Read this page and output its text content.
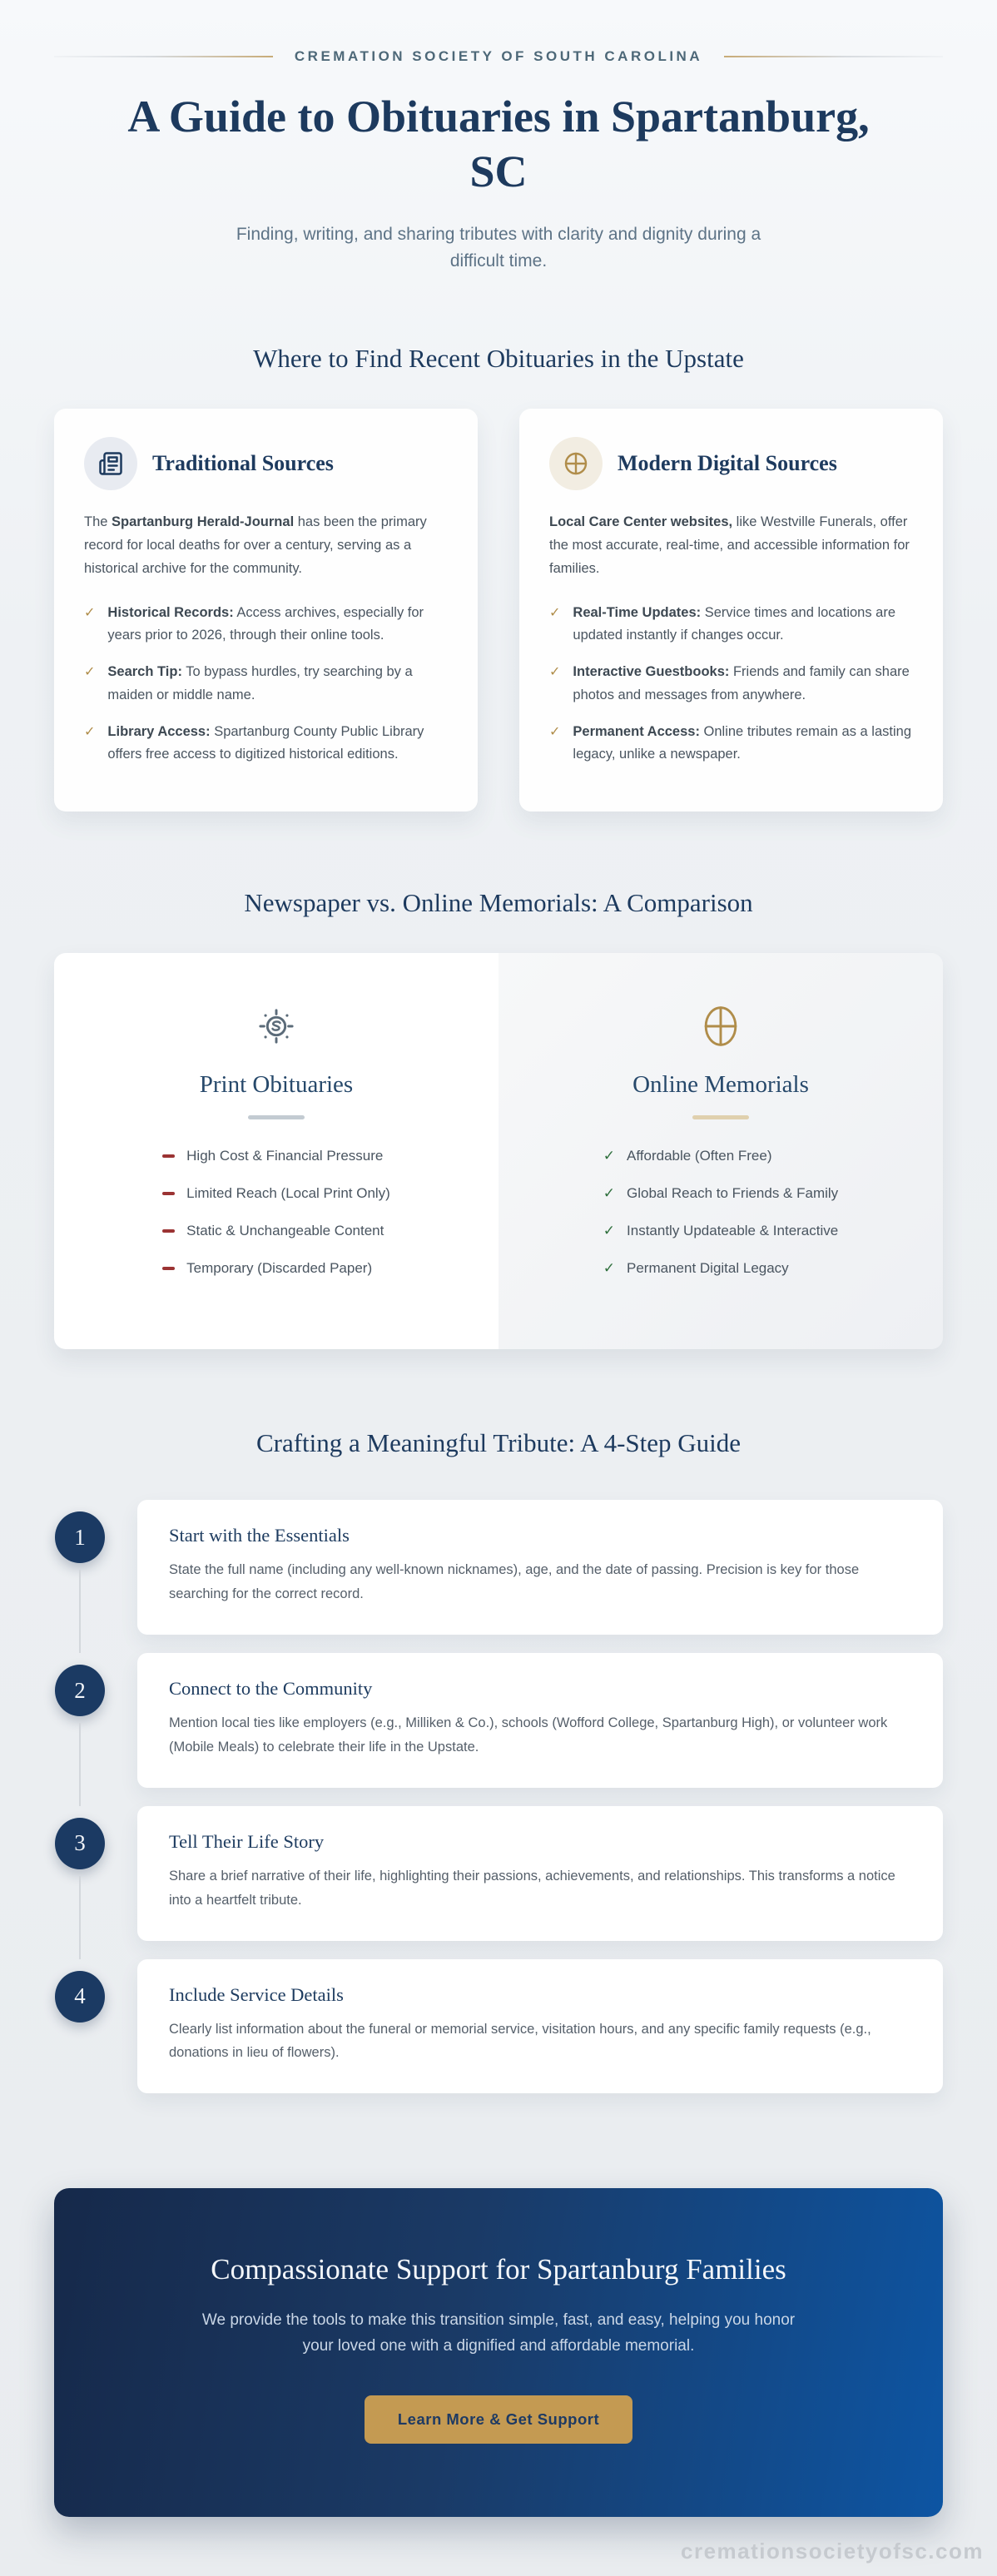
CREMATION SOCIETY OF SOUTH CAROLINA
A Guide to Obituaries in Spartanburg, SC

Finding, writing, and sharing tributes with clarity and dignity during a difficult time.

Where to Find Recent Obituaries in the Upstate
Traditional Sources

The Spartanburg Herald-Journal has been the primary record for local deaths for over a century, serving as a historical archive for the community.

✓ Historical Records: Access archives, especially for years prior to 2026, through their online tools.
✓ Search Tip: To bypass hurdles, try searching by a maiden or middle name.
✓ Library Access: Spartanburg County Public Library offers free access to digitized historical editions.
Modern Digital Sources

Local Care Center websites, like Westville Funerals, offer the most accurate, real-time, and accessible information for families.

✓ Real-Time Updates: Service times and locations are updated instantly if changes occur.
✓ Interactive Guestbooks: Friends and family can share photos and messages from anywhere.
✓ Permanent Access: Online tributes remain as a lasting legacy, unlike a newspaper.
Newspaper vs. Online Memorials: A Comparison
Print Obituaries
High Cost & Financial Pressure
Limited Reach (Local Print Only)
Static & Unchangeable Content
Temporary (Discarded Paper)
Online Memorials
✓ Affordable (Often Free)
✓ Global Reach to Friends & Family
✓ Instantly Updateable & Interactive
✓ Permanent Digital Legacy
Crafting a Meaningful Tribute: A 4-Step Guide
1	Start with the Essentials

State the full name (including any well-known nicknames), age, and the date of passing. Precision is key for those searching for the correct record.

2	Connect to the Community

Mention local ties like employers (e.g., Milliken & Co.), schools (Wofford College, Spartanburg High), or volunteer work (Mobile Meals) to celebrate their life in the Upstate.

3	Tell Their Life Story

Share a brief narrative of their life, highlighting their passions, achievements, and relationships. This transforms a notice into a heartfelt tribute.

4	Include Service Details

Clearly list information about the funeral or memorial service, visitation hours, and any specific family requests (e.g., donations in lieu of flowers).

Compassionate Support for Spartanburg Families

We provide the tools to make this transition simple, fast, and easy, helping you honor your loved one with a dignified and affordable memorial.

Learn More & Get Support
cremationsocietyofsc.com
